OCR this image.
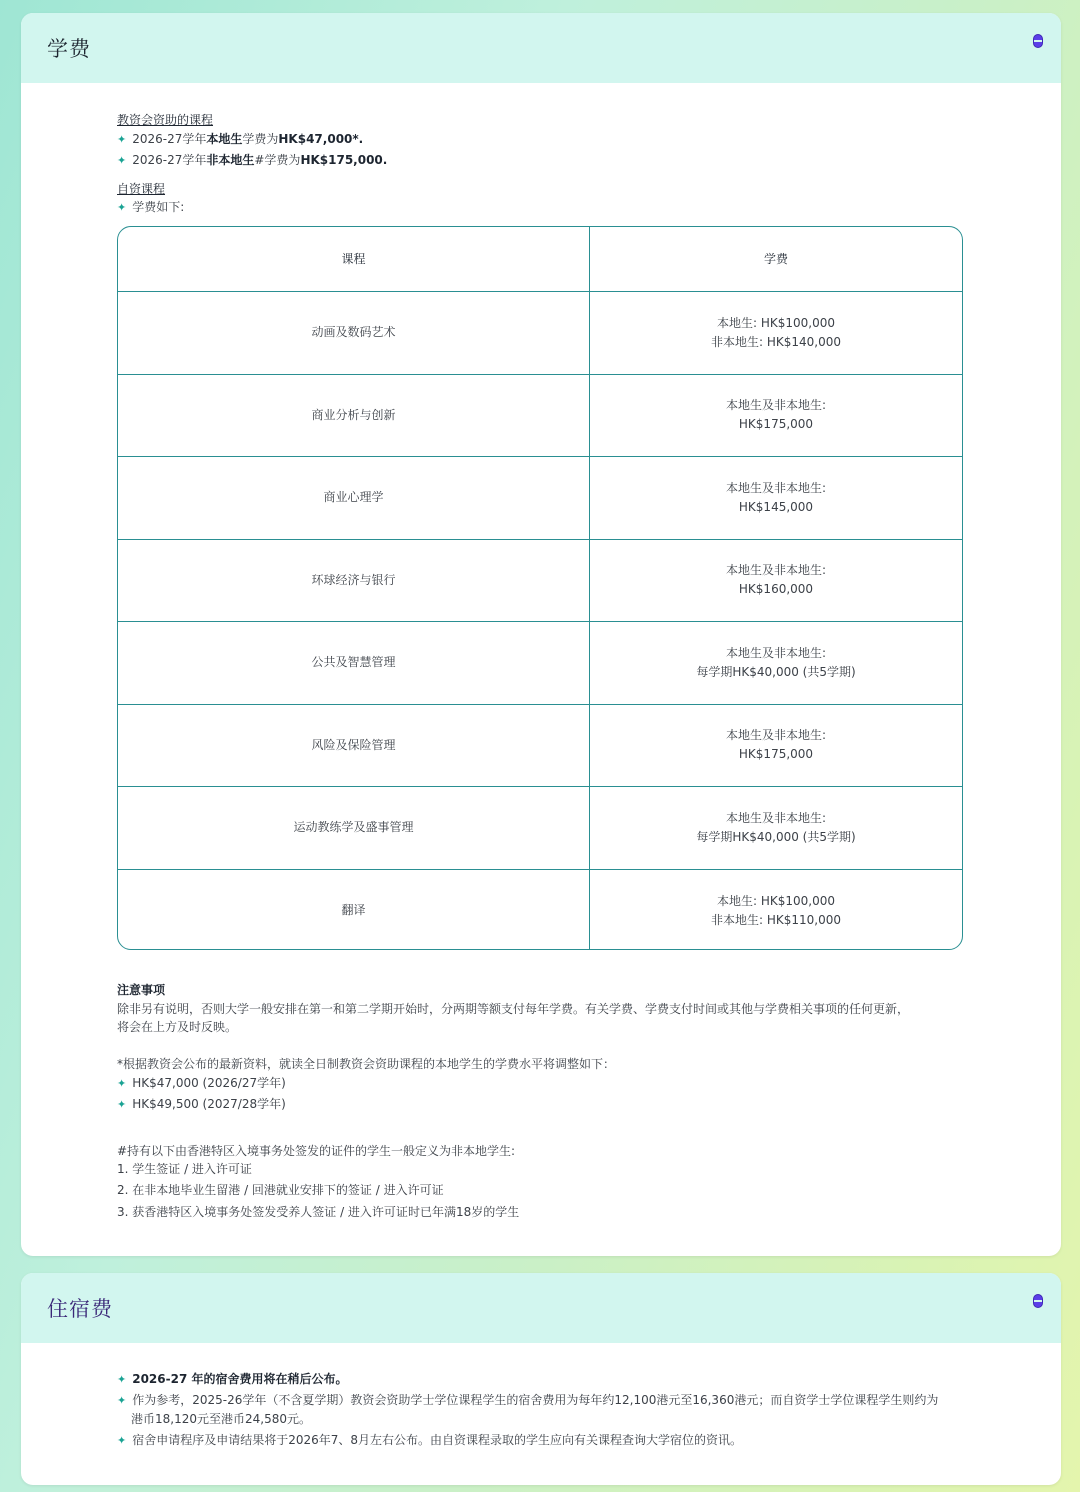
学费
教资会资助的课程
✦ 2026-27学年本地生学费为HK$47,000*.
✦ 2026-27学年非本地生#学费为HK$175,000.
自资课程
✦ 学费如下:
课程	学费
动画及数码艺术
本地生: HK$100,000
非本地生: HK$140,000
商业分析与创新
本地生及非本地生:
HK$175,000
商业心理学
本地生及非本地生:
HK$145,000
环球经济与银行
本地生及非本地生:
HK$160,000
公共及智慧管理
本地生及非本地生:
每学期HK$40,000 (共5学期)
风险及保险管理
本地生及非本地生:
HK$175,000
运动教练学及盛事管理
本地生及非本地生:
每学期HK$40,000 (共5学期)
翻译
本地生: HK$100,000
非本地生: HK$110,000
注意事项
除非另有说明，否则大学一般安排在第一和第二学期开始时，分两期等额支付每年学费。有关学费、学费支付时间或其他与学费相关事项的任何更新，
将会在上方及时反映。
*根据教资会公布的最新资料，就读全日制教资会资助课程的本地学生的学费水平将调整如下：
✦ HK$47,000 (2026/27学年)
✦ HK$49,500 (2027/28学年)
#持有以下由香港特区入境事务处签发的证件的学生一般定义为非本地学生:
1. 学生签证 / 进入许可证
2. 在非本地毕业生留港 / 回港就业安排下的签证 / 进入许可证
3. 获香港特区入境事务处签发受养人签证 / 进入许可证时已年满18岁的学生
住宿费
✦ 2026-27 年的宿舍费用将在稍后公布。
✦ 作为参考，2025-26学年（不含夏学期）教资会资助学士学位课程学生的宿舍费用为每年约12,100港元至16,360港元；而自资学士学位课程学生则约为
港币18,120元至港币24,580元。
✦ 宿舍申请程序及申请结果将于2026年7、8月左右公布。由自资课程录取的学生应向有关课程查询大学宿位的资讯。
